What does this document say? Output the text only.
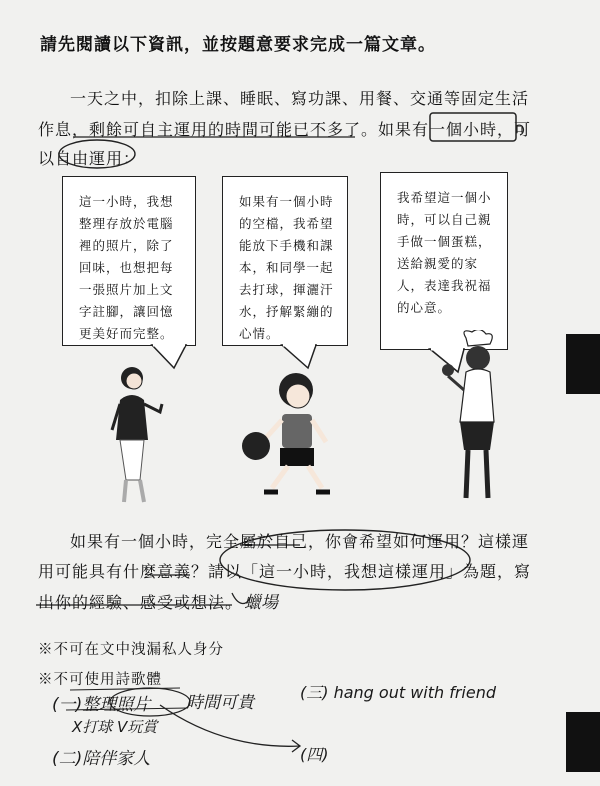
請先閱讀以下資訊，並按題意要求完成一篇文章。
一天之中，扣除上課、睡眠、寫功課、用餐、交通等固定生活
作息，剩餘可自主運用的時間可能已不多了。如果有一個小時，可
以自由運用：
這一小時，我想
整理存放於電腦
裡的照片，除了
回味，也想把每
一張照片加上文
字註腳，讓回憶
更美好而完整。
如果有一個小時
的空檔，我希望
能放下手機和課
本，和同學一起
去打球，揮灑汗
水，抒解緊繃的
心情。
我希望這一個小
時，可以自己親
手做一個蛋糕，
送給親愛的家
人，表達我祝福
的心意。
如果有一個小時，完全屬於自己，你會希望如何運用？這樣運
用可能具有什麼意義？請以「這一小時，我想這樣運用」為題，寫
出你的經驗、感受或想法。 蠟場
※不可在文中洩漏私人身分
※不可使用詩歌體
(一)整理照片 時間可貴
X打球 V玩賞
(二)陪伴家人
(三) hang out with friend
(四)
